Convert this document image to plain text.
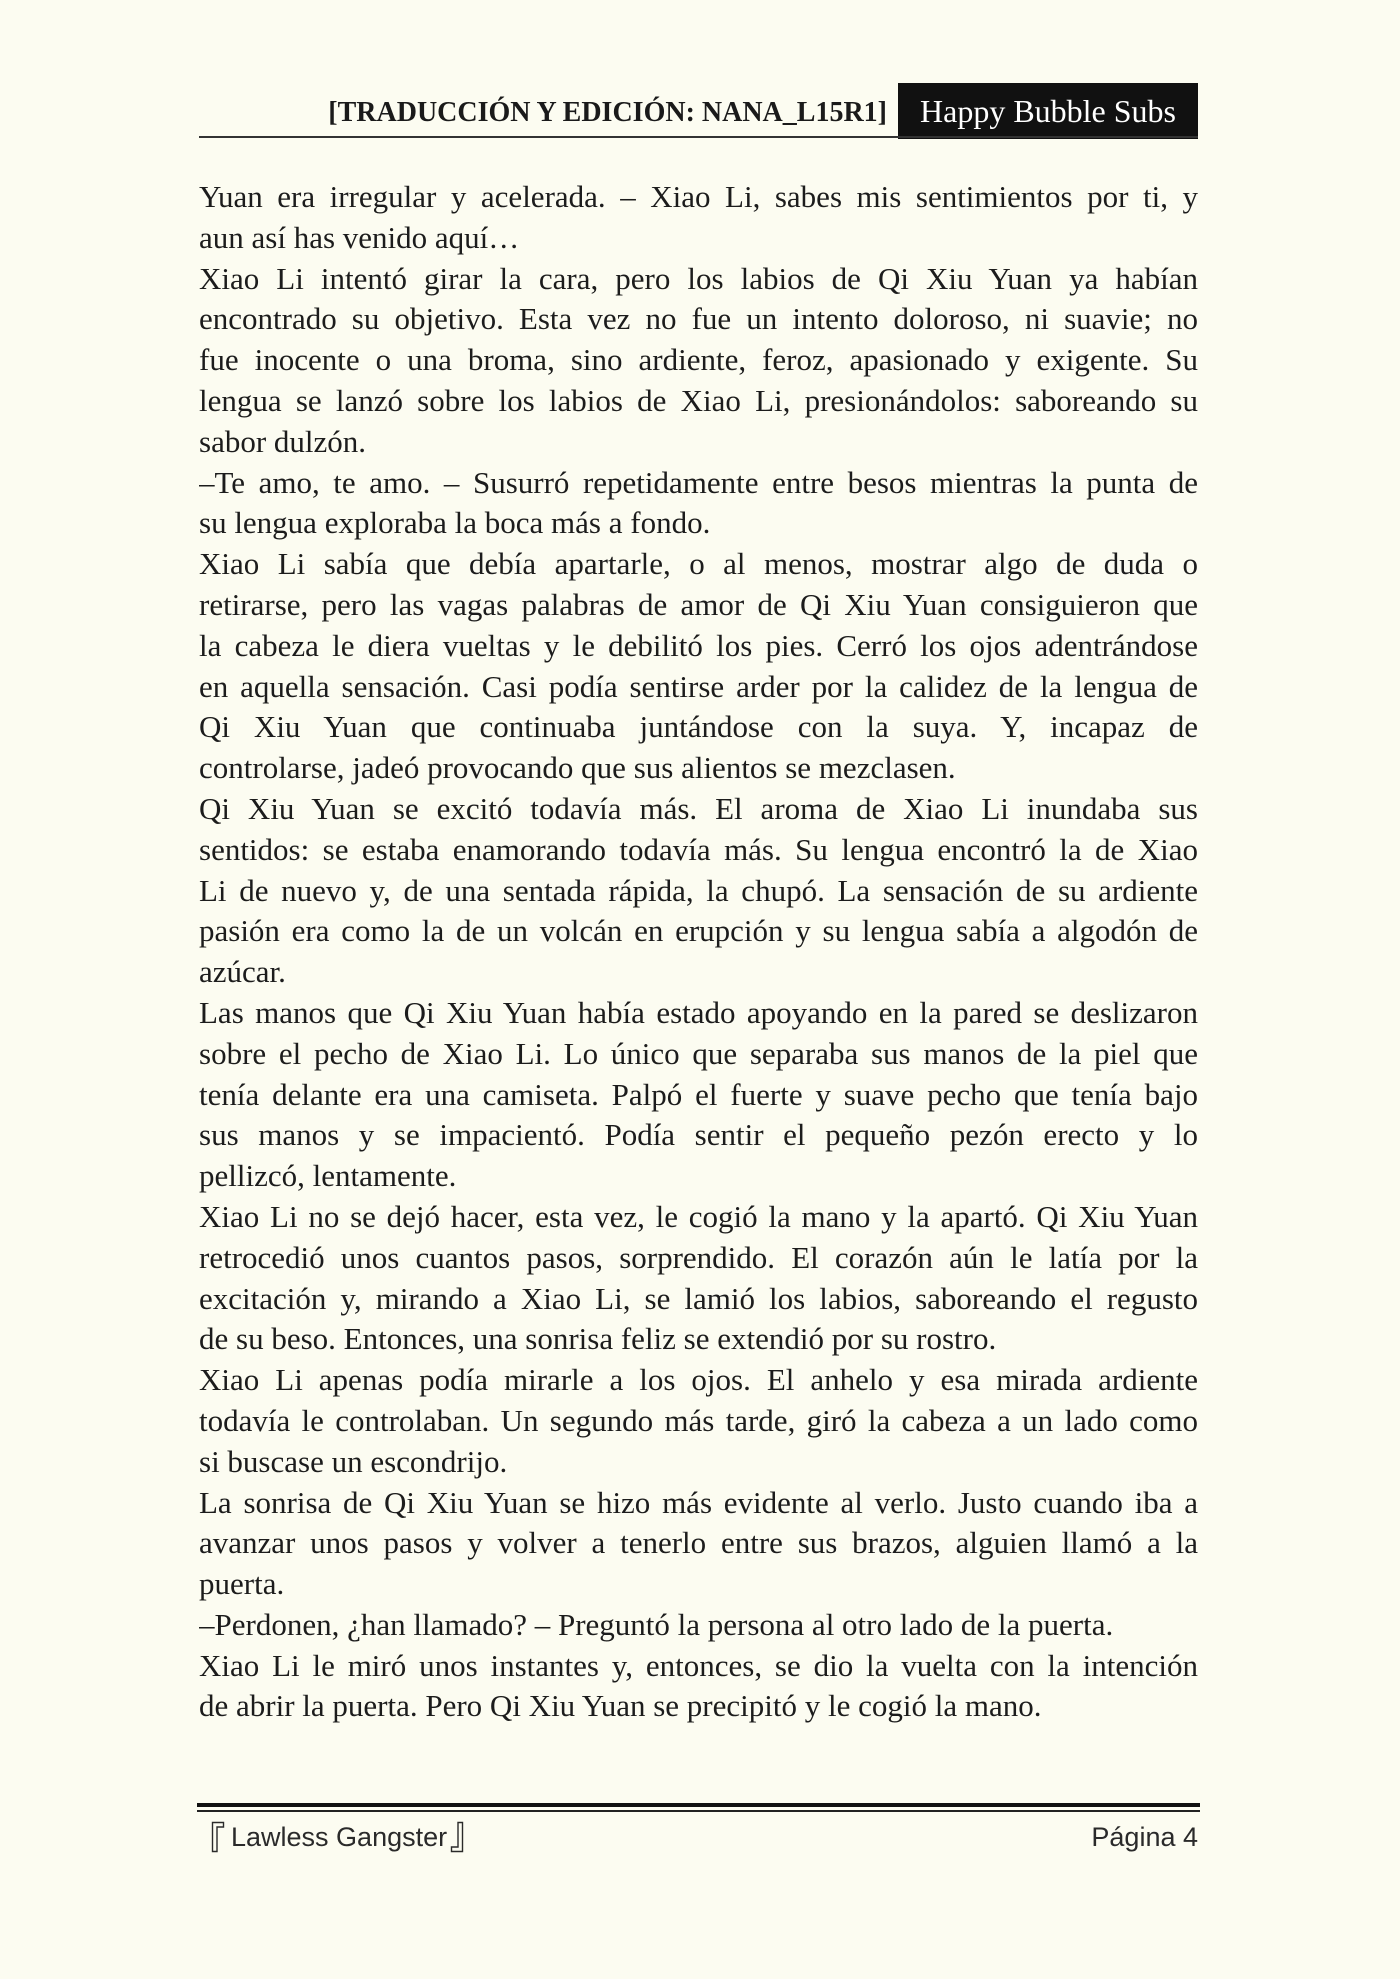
[TRADUCCIÓN Y EDICIÓN: NANA_L15R1]	Happy Bubble Subs
Yuan era irregular y acelerada. – Xiao Li, sabes mis sentimientos por ti, y
aun así has venido aquí…
Xiao Li intentó girar la cara, pero los labios de Qi Xiu Yuan ya habían
encontrado su objetivo. Esta vez no fue un intento doloroso, ni suavie; no
fue inocente o una broma, sino ardiente, feroz, apasionado y exigente. Su
lengua se lanzó sobre los labios de Xiao Li, presionándolos: saboreando su
sabor dulzón.
–Te amo, te amo. – Susurró repetidamente entre besos mientras la punta de
su lengua exploraba la boca más a fondo.
Xiao Li sabía que debía apartarle, o al menos, mostrar algo de duda o
retirarse, pero las vagas palabras de amor de Qi Xiu Yuan consiguieron que
la cabeza le diera vueltas y le debilitó los pies. Cerró los ojos adentrándose
en aquella sensación. Casi podía sentirse arder por la calidez de la lengua de
Qi Xiu Yuan que continuaba juntándose con la suya. Y, incapaz de
controlarse, jadeó provocando que sus alientos se mezclasen.
Qi Xiu Yuan se excitó todavía más. El aroma de Xiao Li inundaba sus
sentidos: se estaba enamorando todavía más. Su lengua encontró la de Xiao
Li de nuevo y, de una sentada rápida, la chupó. La sensación de su ardiente
pasión era como la de un volcán en erupción y su lengua sabía a algodón de
azúcar.
Las manos que Qi Xiu Yuan había estado apoyando en la pared se deslizaron
sobre el pecho de Xiao Li. Lo único que separaba sus manos de la piel que
tenía delante era una camiseta. Palpó el fuerte y suave pecho que tenía bajo
sus manos y se impacientó. Podía sentir el pequeño pezón erecto y lo
pellizcó, lentamente.
Xiao Li no se dejó hacer, esta vez, le cogió la mano y la apartó. Qi Xiu Yuan
retrocedió unos cuantos pasos, sorprendido. El corazón aún le latía por la
excitación y, mirando a Xiao Li, se lamió los labios, saboreando el regusto
de su beso. Entonces, una sonrisa feliz se extendió por su rostro.
Xiao Li apenas podía mirarle a los ojos. El anhelo y esa mirada ardiente
todavía le controlaban. Un segundo más tarde, giró la cabeza a un lado como
si buscase un escondrijo.
La sonrisa de Qi Xiu Yuan se hizo más evidente al verlo. Justo cuando iba a
avanzar unos pasos y volver a tenerlo entre sus brazos, alguien llamó a la
puerta.
–Perdonen, ¿han llamado? – Preguntó la persona al otro lado de la puerta.
Xiao Li le miró unos instantes y, entonces, se dio la vuelta con la intención
de abrir la puerta. Pero Qi Xiu Yuan se precipitó y le cogió la mano.
Lawless Gangster	Página 4
